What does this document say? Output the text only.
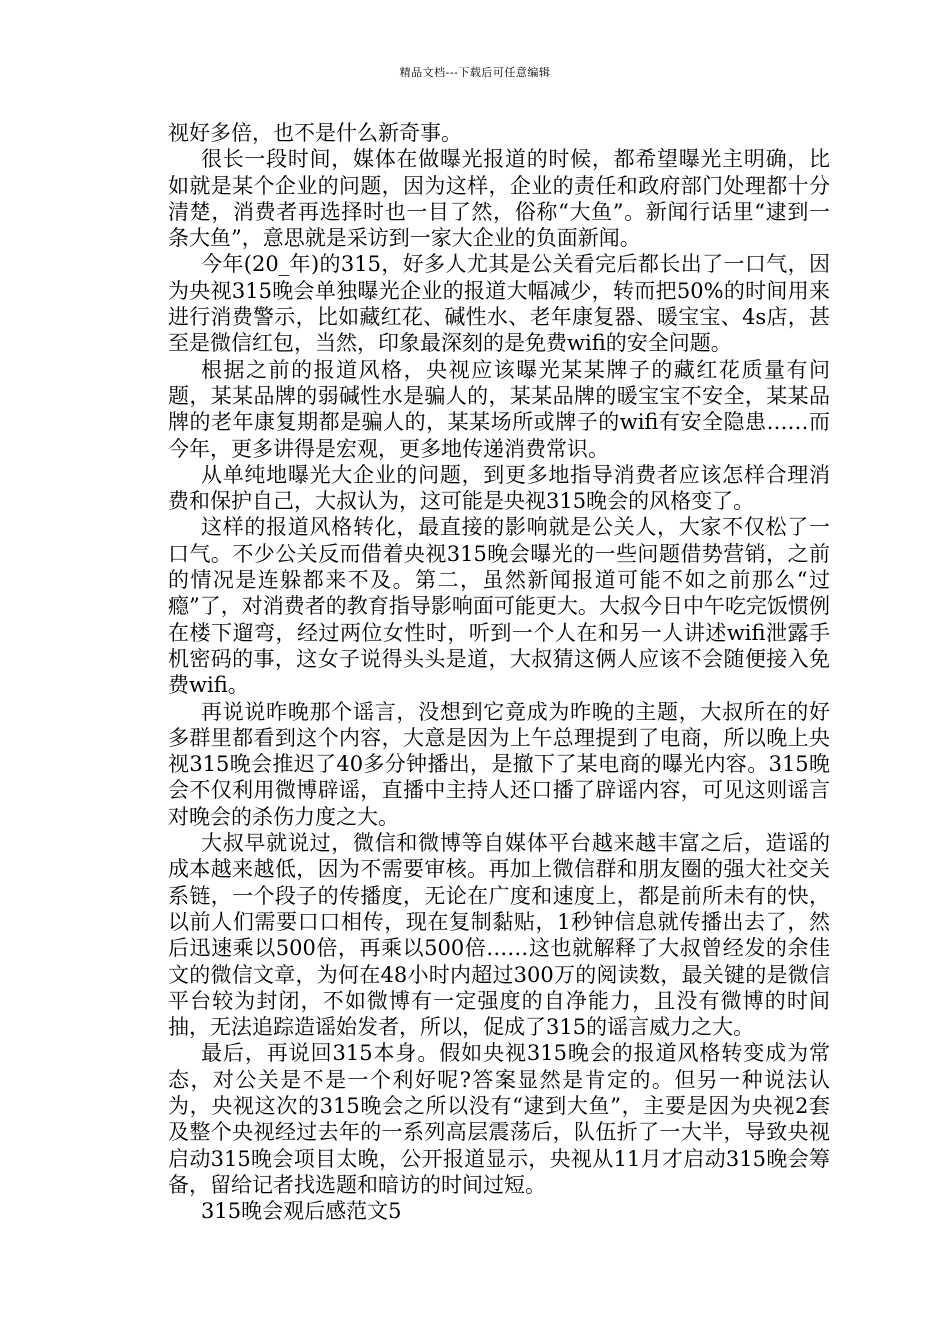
精品文档---下载后可任意编辑

视好多倍，也不是什么新奇事。

很长一段时间，媒体在做曝光报道的时候，都希望曝光主明确，比如就是某个企业的问题，因为这样，企业的责任和政府部门处理都十分清楚，消费者再选择时也一目了然，俗称“大鱼”。新闻行话里“逮到一条大鱼”，意思就是采访到一家大企业的负面新闻。

今年(20_年)的315，好多人尤其是公关看完后都长出了一口气，因为央视315晚会单独曝光企业的报道大幅减少，转而把50%的时间用来进行消费警示，比如藏红花、碱性水、老年康复器、暖宝宝、4s店，甚至是微信红包，当然，印象最深刻的是免费wifi的安全问题。

根据之前的报道风格，央视应该曝光某某牌子的藏红花质量有问题，某某品牌的弱碱性水是骗人的，某某品牌的暖宝宝不安全，某某品牌的老年康复期都是骗人的，某某场所或牌子的wifi有安全隐患……而今年，更多讲得是宏观，更多地传递消费常识。

从单纯地曝光大企业的问题，到更多地指导消费者应该怎样合理消费和保护自己，大叔认为，这可能是央视315晚会的风格变了。

这样的报道风格转化，最直接的影响就是公关人，大家不仅松了一口气。不少公关反而借着央视315晚会曝光的一些问题借势营销，之前的情况是连躲都来不及。第二，虽然新闻报道可能不如之前那么“过瘾”了，对消费者的教育指导影响面可能更大。大叔今日中午吃完饭惯例在楼下遛弯，经过两位女性时，听到一个人在和另一人讲述wifi泄露手机密码的事，这女子说得头头是道，大叔猜这俩人应该不会随便接入免费wifi。

再说说昨晚那个谣言，没想到它竟成为昨晚的主题，大叔所在的好多群里都看到这个内容，大意是因为上午总理提到了电商，所以晚上央视315晚会推迟了40多分钟播出，是撤下了某电商的曝光内容。315晚会不仅利用微博辟谣，直播中主持人还口播了辟谣内容，可见这则谣言对晚会的杀伤力度之大。

大叔早就说过，微信和微博等自媒体平台越来越丰富之后，造谣的成本越来越低，因为不需要审核。再加上微信群和朋友圈的强大社交关系链，一个段子的传播度，无论在广度和速度上，都是前所未有的快，以前人们需要口口相传，现在复制黏贴，1秒钟信息就传播出去了，然后迅速乘以500倍，再乘以500倍……这也就解释了大叔曾经发的余佳文的微信文章，为何在48小时内超过300万的阅读数，最关键的是微信平台较为封闭，不如微博有一定强度的自净能力，且没有微博的时间抽，无法追踪造谣始发者，所以，促成了315的谣言威力之大。

最后，再说回315本身。假如央视315晚会的报道风格转变成为常态，对公关是不是一个利好呢?答案显然是肯定的。但另一种说法认为，央视这次的315晚会之所以没有“逮到大鱼”，主要是因为央视2套及整个央视经过去年的一系列高层震荡后，队伍折了一大半，导致央视启动315晚会项目太晚，公开报道显示，央视从11月才启动315晚会筹备，留给记者找选题和暗访的时间过短。

315晚会观后感范文5
